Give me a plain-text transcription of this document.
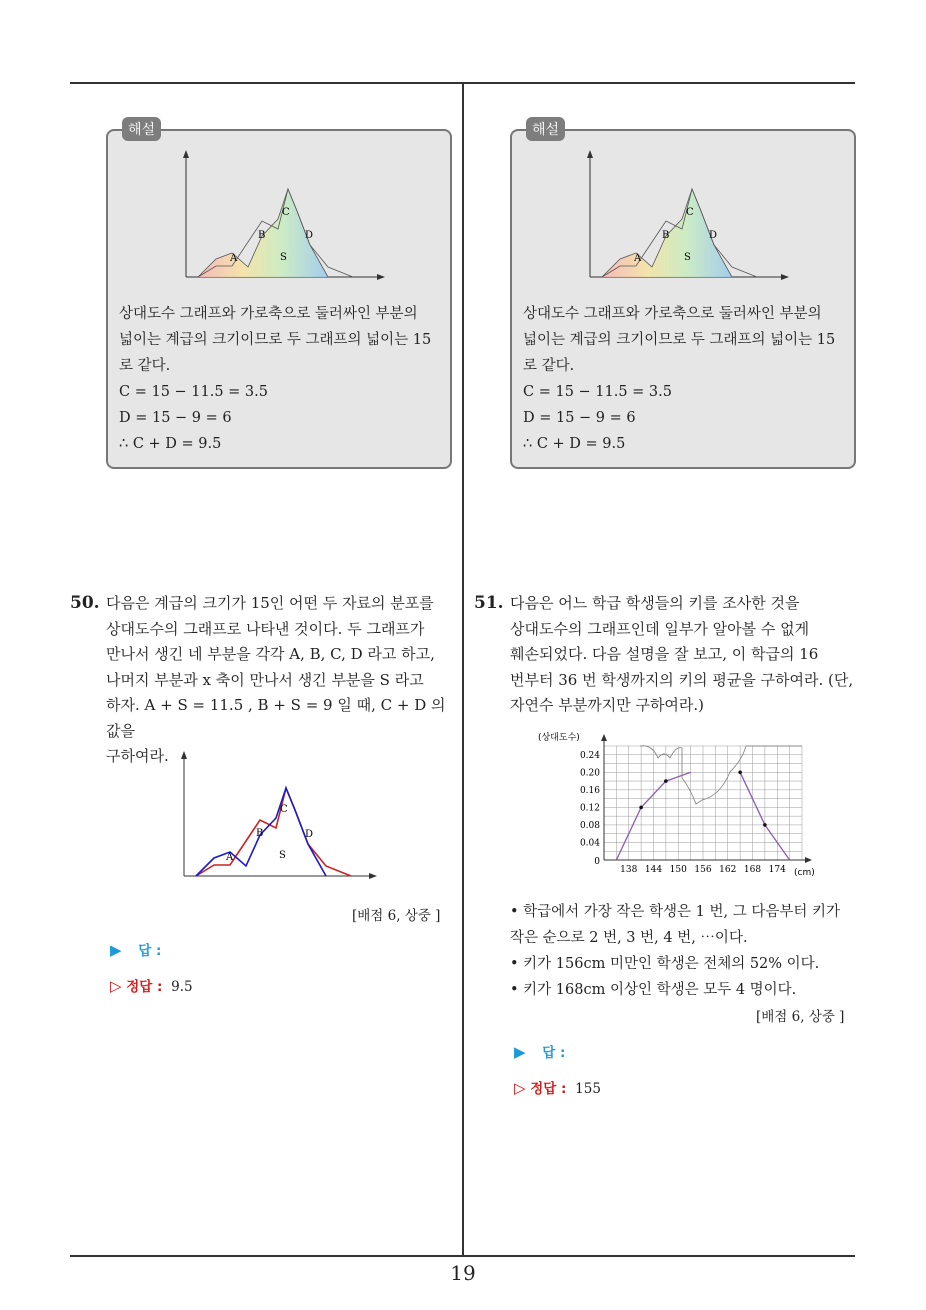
해설
A
B
C
D
S

상대도수 그래프와 가로축으로 둘러싸인 부분의

넓이는 계급의 크기이므로 두 그래프의 넓이는 15

로 같다.

C = 15 − 11.5 = 3.5

D = 15 − 9 = 6

∴ C + D = 9.5

해설
A
B
C
D
S

상대도수 그래프와 가로축으로 둘러싸인 부분의

넓이는 계급의 크기이므로 두 그래프의 넓이는 15

로 같다.

C = 15 − 11.5 = 3.5

D = 15 − 9 = 6

∴ C + D = 9.5

50. 다음은 계급의 크기가 15인 어떤 두 자료의 분포를
상대도수의 그래프로 나타낸 것이다. 두 그래프가
만나서 생긴 네 부분을 각각 A, B, C, D 라고 하고,
나머지 부분과 x 축이 만나서 생긴 부분을 S 라고
하자. A + S = 11.5 , B + S = 9 일 때, C + D 의 값을
구하여라.
A
B
C
D
S
[배점 6, 상중 ]
▶ 답 :
▷ 정답 : 9.5
51. 다음은 어느 학급 학생들의 키를 조사한 것을
상대도수의 그래프인데 일부가 알아볼 수 없게
훼손되었다. 다음 설명을 잘 보고, 이 학급의 16
번부터 36 번 학생까지의 키의 평균을 구하여라. (단,
자연수 부분까지만 구하여라.)
0.24
0.20
0.16
0.12
0.08
0.04
0
138 144 150 156 162 168 174
(상대도수)
(cm)

• 학급에서 가장 작은 학생은 1 번, 그 다음부터 키가

작은 순으로 2 번, 3 번, 4 번, ⋯이다.

• 키가 156cm 미만인 학생은 전체의 52% 이다.

• 키가 168cm 이상인 학생은 모두 4 명이다.

[배점 6, 상중 ]
▶ 답 :
▷ 정답 : 155
19
